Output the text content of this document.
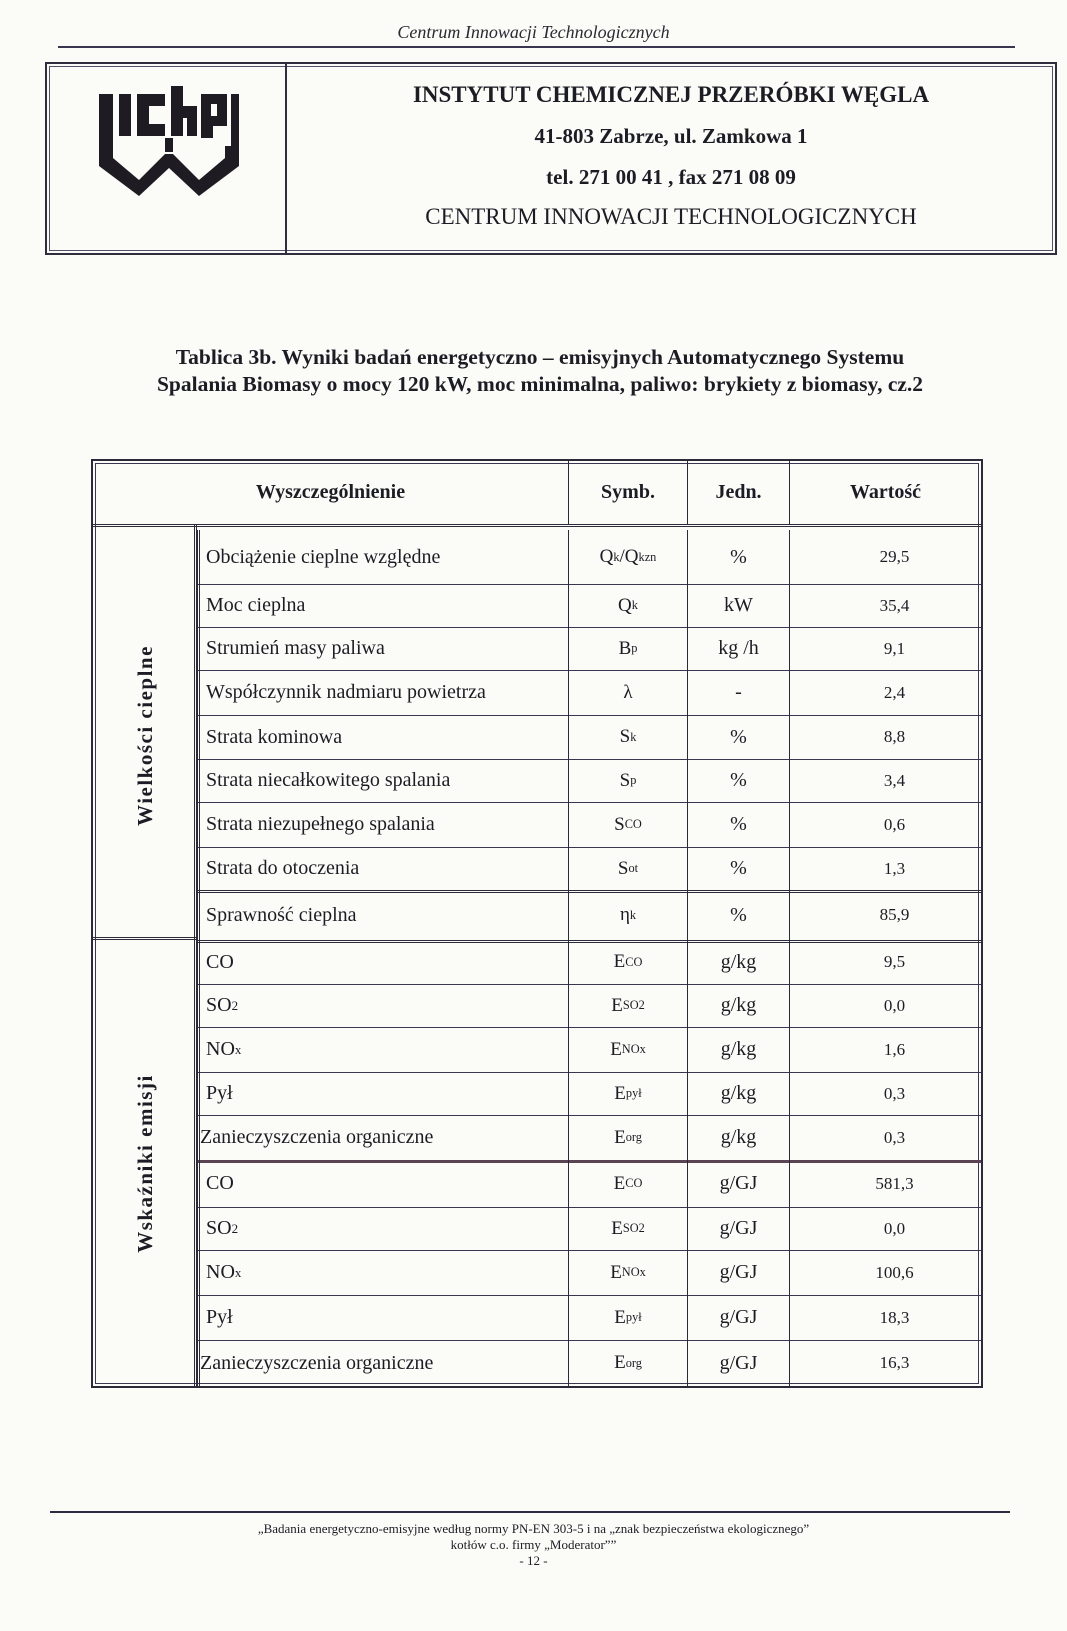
Centrum Innowacji Technologicznych
INSTYTUT CHEMICZNEJ PRZERÓBKI WĘGLA
41-803 Zabrze, ul. Zamkowa 1
tel. 271 00 41 , fax 271 08 09
CENTRUM INNOWACJI TECHNOLOGICZNYCH
Tablica 3b. Wyniki badań energetyczno – emisyjnych Automatycznego Systemu
Spalania Biomasy o mocy 120 kW, moc minimalna, paliwo: brykiety z biomasy, cz.2
Wyszczególnienie	Symb.	Jedn.	Wartość
Obciążenie cieplne względne	Q k /Q kzn	%	29,5
Moc cieplna	Q k	kW	35,4
Strumień masy paliwa	B p	kg /h	9,1
Współczynnik nadmiaru powietrza	λ	-	2,4
Strata kominowa	S k	%	8,8
Strata niecałkowitego spalania	S p	%	3,4
Strata niezupełnego spalania	S CO	%	0,6
Strata do otoczenia	S ot	%	1,3
Sprawność cieplna	η k	%	85,9
CO	E CO	g/kg	9,5
SO 2	E SO2	g/kg	0,0
NO x	E NOx	g/kg	1,6
Pył	E pył	g/kg	0,3
Zanieczyszczenia organiczne	E org	g/kg	0,3
CO	E CO	g/GJ	581,3
SO 2	E SO2	g/GJ	0,0
NO x	E NOx	g/GJ	100,6
Pył	E pył	g/GJ	18,3
Zanieczyszczenia organiczne	E org	g/GJ	16,3
Wielkości cieplne
Wskaźniki emisji
„Badania energetyczno-emisyjne według normy PN-EN 303-5 i na „znak bezpieczeństwa ekologicznego”
kotłów c.o. firmy „Moderator””
- 12 -
